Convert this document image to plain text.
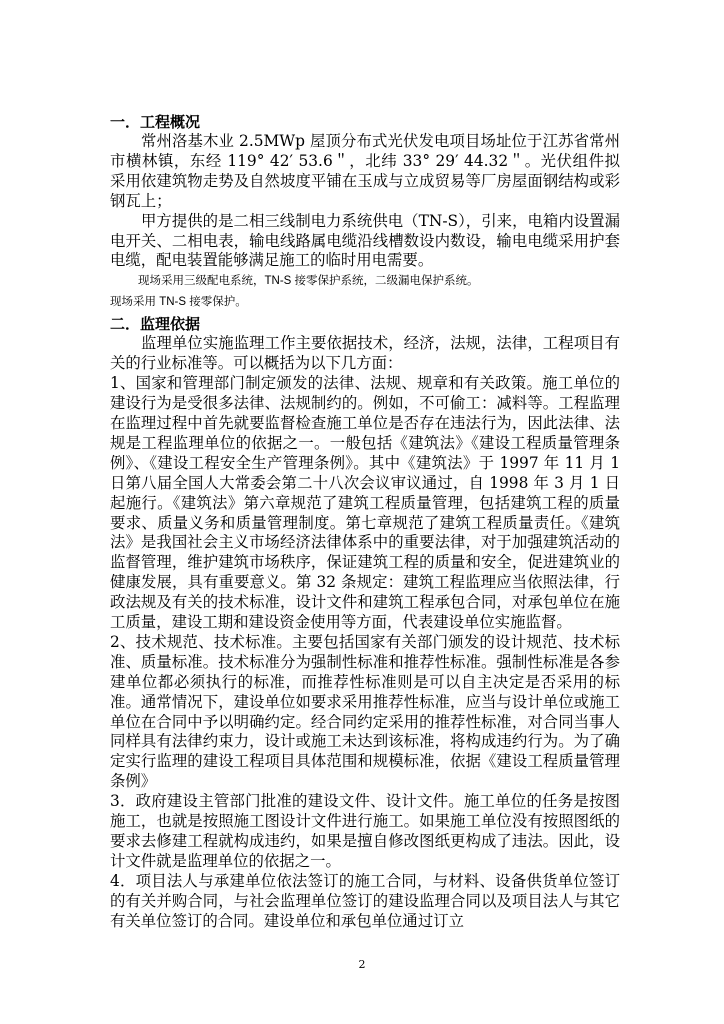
一．工程概况

常州洛基木业 2.5MWp 屋顶分布式光伏发电项目场址位于江苏省常州市横林镇，东经 119° 42′ 53.6＂，北纬 33° 29′ 44.32＂。光伏组件拟采用依建筑物走势及自然坡度平铺在玉成与立成贸易等厂房屋面钢结构或彩钢瓦上；

甲方提供的是二相三线制电力系统供电（TN-S），引来，电箱内设置漏电开关、二相电表，输电线路属电缆沿线槽数设内数设，输电电缆采用护套电缆，配电装置能够满足施工的临时用电需要。

现场采用三级配电系统，TN-S 接零保护系统，二级漏电保护系统。

现场采用 TN-S 接零保护。

二．监理依据

监理单位实施监理工作主要依据技术，经济，法规，法律，工程项目有关的行业标准等。可以概括为以下几方面：

1、国家和管理部门制定颁发的法律、法规、规章和有关政策。施工单位的建设行为是受很多法律、法规制约的。例如，不可偷工：减料等。工程监理在监理过程中首先就要监督检查施工单位是否存在违法行为，因此法律、法规是工程监理单位的依据之一。一般包括《建筑法》《建设工程质量管理条例》、《建设工程安全生产管理条例》。其中《建筑法》于 1997 年 11 月 1 日第八届全国人大常委会第二十八次会议审议通过，自 1998 年 3 月 1 日起施行。《建筑法》第六章规范了建筑工程质量管理，包括建筑工程的质量要求、质量义务和质量管理制度。第七章规范了建筑工程质量责任。《建筑法》是我国社会主义市场经济法律体系中的重要法律，对于加强建筑活动的监督管理，维护建筑市场秩序，保证建筑工程的质量和安全，促进建筑业的健康发展，具有重要意义。第 32 条规定：建筑工程监理应当依照法律，行政法规及有关的技术标准，设计文件和建筑工程承包合同，对承包单位在施工质量，建设工期和建设资金使用等方面，代表建设单位实施监督。

2、技术规范、技术标准。主要包括国家有关部门颁发的设计规范、技术标准、质量标准。技术标准分为强制性标准和推荐性标准。强制性标准是各参建单位都必须执行的标准，而推荐性标准则是可以自主决定是否采用的标准。通常情况下，建设单位如要求采用推荐性标准，应当与设计单位或施工单位在合同中予以明确约定。经合同约定采用的推荐性标准，对合同当事人同样具有法律约束力，设计或施工未达到该标准，将构成违约行为。为了确定实行监理的建设工程项目具体范围和规模标准，依据《建设工程质量管理条例》

3．政府建设主管部门批准的建设文件、设计文件。施工单位的任务是按图施工，也就是按照施工图设计文件进行施工。如果施工单位没有按照图纸的要求去修建工程就构成违约，如果是擅自修改图纸更构成了违法。因此，设计文件就是监理单位的依据之一。

4．项目法人与承建单位依法签订的施工合同，与材料、设备供货单位签订的有关并购合同，与社会监理单位签订的建设监理合同以及项目法人与其它有关单位签订的合同。建设单位和承包单位通过订立

2
